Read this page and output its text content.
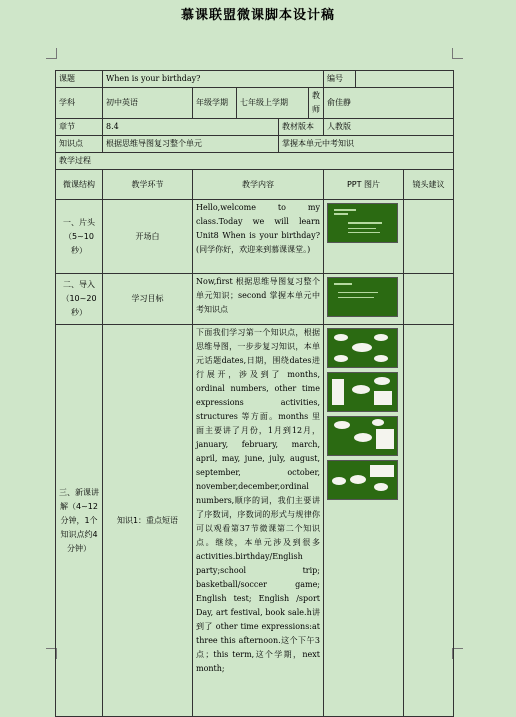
慕课联盟微课脚本设计稿
课题	When is your birthday?					编号		
学科	初中英语	年级学期	七年级上学期		教师	俞佳静		
章节	8.4			教材版本		人教版		
知识点	根据思维导图复习整个单元			掌握本单元中考知识				
教学过程								
微课结构	教学环节	教学内容				PPT 图片		镜头建议
一、片头（5~10秒）	开场白	Hello,welcome to my class.Today we will learn Unit8 When is your birthday?(同学你好，欢迎来到慕课课堂。)					

二、导入（10~20秒）	学习目标	Now,first 根据思维导图复习整个单元知识；second 掌握本单元中考知识点					

三、新课讲解（4~12分钟，1个知识点约4分钟）	知识1：重点短语	下面我们学习第一个知识点，根据思维导图，一步步复习知识，本单元话题dates,日期，围绕dates进行展开，涉及到了 months, ordinal numbers, other time expressions activities, structures 等方面。months 里面主要讲了月份，1月到12月， january, february, march, april, may, june, july, august, september, october, november,december,ordinal numbers,顺序的词，我们主要讲了序数词，序数词的形式与规律你可以观看第37节微课第二个知识点。继续，本单元涉及到很多activities.birthday/English party;school trip; basketball/soccer game; English test; English /sport Day, art festival, book sale.h讲到了 other time expressions:at three this afternoon.这个下午3点；this term,这个学期，next month;					
